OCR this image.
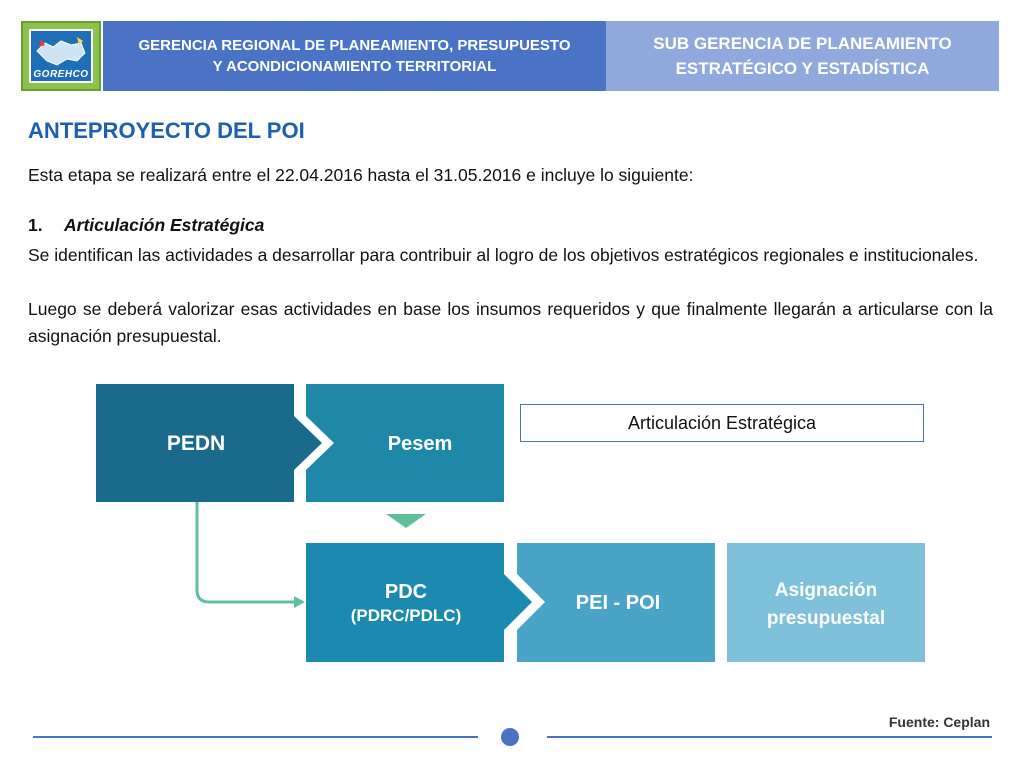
GOREHCO
GERENCIA REGIONAL DE PLANEAMIENTO, PRESUPUESTO
Y ACONDICIONAMIENTO TERRITORIAL
SUB GERENCIA DE PLANEAMIENTO
ESTRATÉGICO Y ESTADÍSTICA
ANTEPROYECTO DEL POI
Esta etapa se realizará entre el 22.04.2016 hasta el 31.05.2016 e incluye lo siguiente:
1. Articulación Estratégica
Se identifican las actividades a desarrollar para contribuir al logro de los objetivos estratégicos regionales e institucionales.
Luego se deberá valorizar esas actividades en base los insumos requeridos y que finalmente llegarán a articularse con la asignación presupuestal.
PEDN	Pesem
PDC
(PDRC/PDLC)
PEI - POI
Asignación
presupuestal
Articulación Estratégica
Fuente: Ceplan
